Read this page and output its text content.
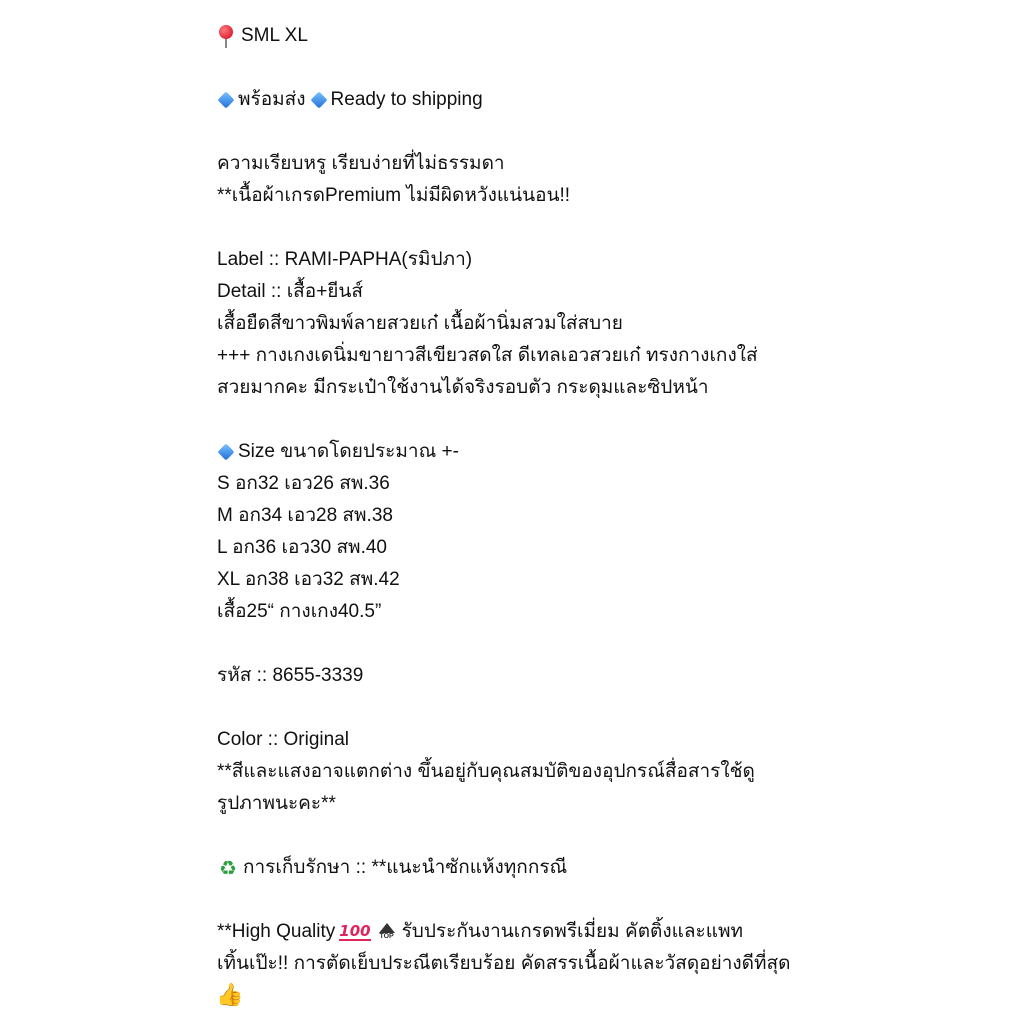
SML XL
พร้อมส่ง Ready to shipping
ความเรียบหรู เรียบง่ายที่ไม่ธรรมดา
**เนื้อผ้าเกรดPremium ไม่มีผิดหวังแน่นอน!!
Label :: RAMI-PAPHA(รมิปภา)
Detail :: เสื้อ+ยีนส์
เสื้อยืดสีขาวพิมพ์ลายสวยเก๋ เนื้อผ้านิ่มสวมใส่สบาย
+++ กางเกงเดนิ่มขายาวสีเขียวสดใส ดีเทลเอวสวยเก๋ ทรงกางเกงใส่
สวยมากคะ มีกระเป๋าใช้งานได้จริงรอบตัว กระดุมและซิปหน้า
Size ขนาดโดยประมาณ +-
S อก32 เอว26 สพ.36
M อก34 เอว28 สพ.38
L อก36 เอว30 สพ.40
XL อก38 เอว32 สพ.42
เสื้อ25“ กางเกง40.5”
รหัส :: 8655-3339
Color :: Original
**สีและแสงอาจแตกต่าง ขึ้นอยู่กับคุณสมบัติของอุปกรณ์สื่อสารใช้ดู
รูปภาพนะคะ**
♻ การเก็บรักษา :: **แนะนำซักแห้งทุกกรณี
**High Quality 100 TOP รับประกันงานเกรดพรีเมี่ยม คัตติ้งและแพท
เทิ้นเป๊ะ!! การตัดเย็บประณีตเรียบร้อย คัดสรรเนื้อผ้าและวัสดุอย่างดีที่สุด
👍
